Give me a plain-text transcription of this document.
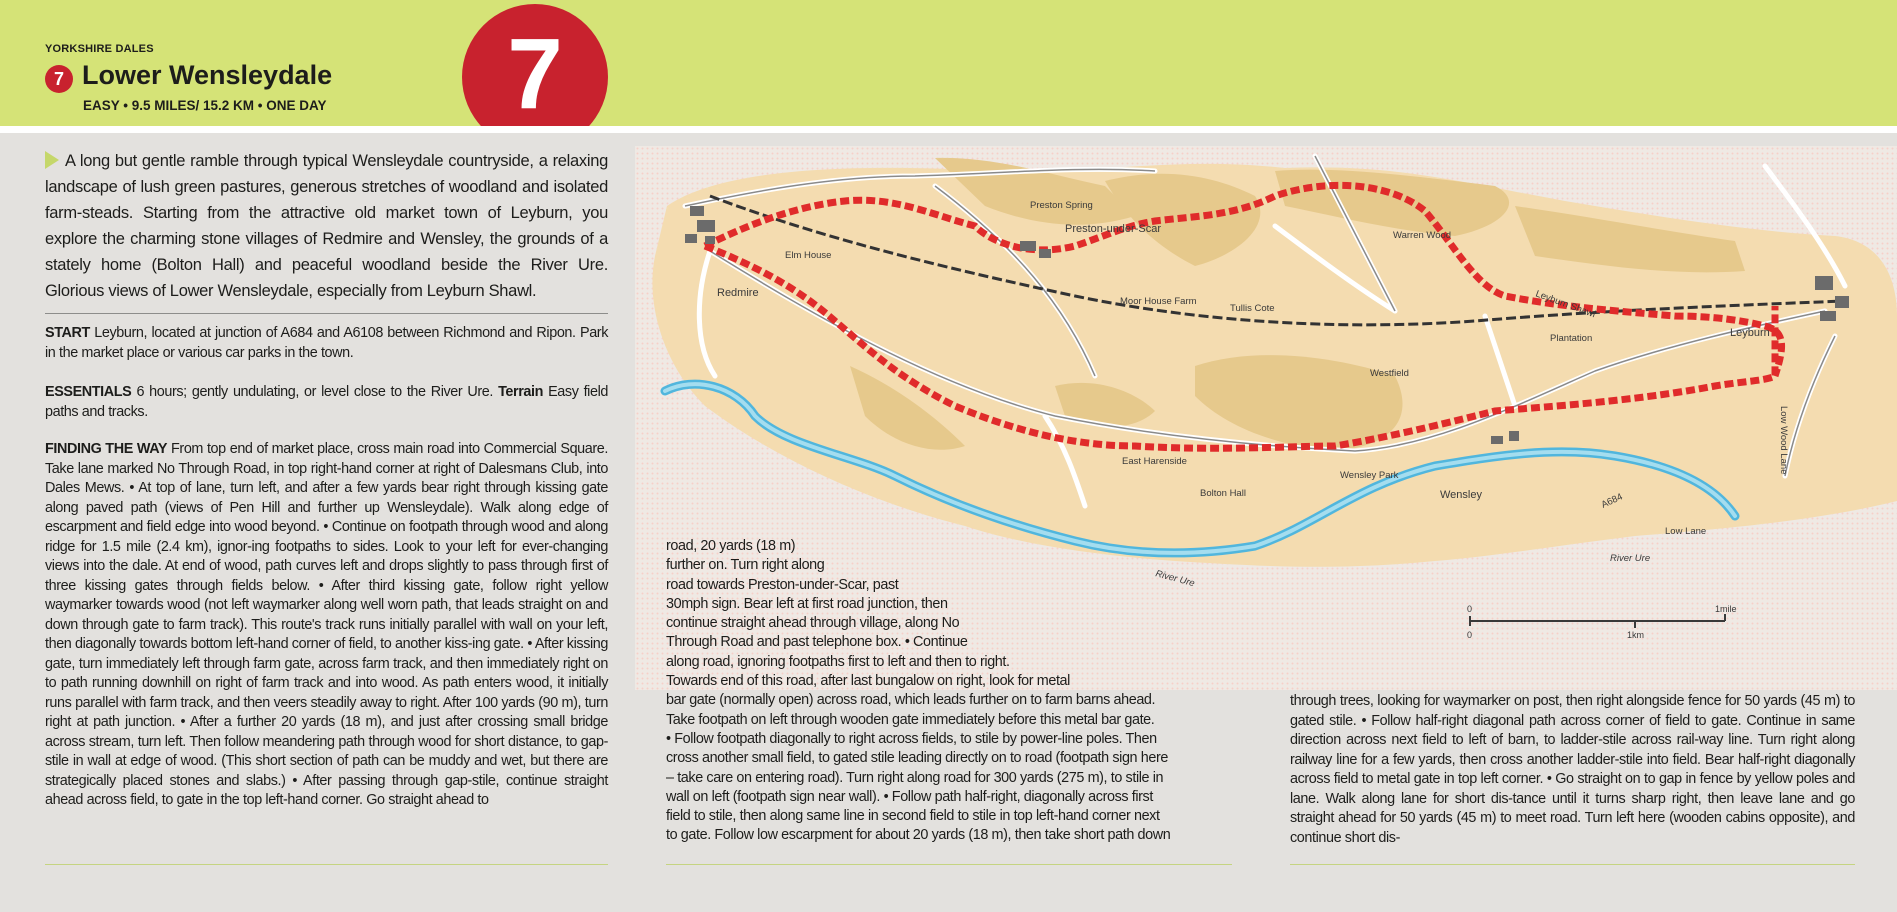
YORKSHIRE DALES
7 Lower Wensleydale
EASY • 9.5 MILES/ 15.2 KM • ONE DAY	7
A long but gentle ramble through typical Wensleydale countryside, a relaxing landscape of lush green pastures, generous stretches of woodland and isolated farm-steads. Starting from the attractive old market town of Leyburn, you explore the charming stone villages of Redmire and Wensley, the grounds of a stately home (Bolton Hall) and peaceful woodland beside the River Ure. Glorious views of Lower Wensleydale, especially from Leyburn Shawl.
START Leyburn, located at junction of A684 and A6108 between Richmond and Ripon. Park in the market place or various car parks in the town.
ESSENTIALS 6 hours; gently undulating, or level close to the River Ure. Terrain Easy field paths and tracks.
FINDING THE WAY From top end of market place, cross main road into Commercial Square. Take lane marked No Through Road, in top right-hand corner at right of Dalesmans Club, into Dales Mews. • At top of lane, turn left, and after a few yards bear right through kissing gate along paved path (views of Pen Hill and further up Wensleydale). Walk along edge of escarpment and field edge into wood beyond. • Continue on footpath through wood and along ridge for 1.5 mile (2.4 km), ignor-ing footpaths to sides. Look to your left for ever-changing views into the dale. At end of wood, path curves left and drops slightly to pass through first of three kissing gates through fields below. • After third kissing gate, follow right yellow waymarker towards wood (not left waymarker along well worn path, that leads straight on and down through gate to farm track). This route's track runs initially parallel with wall on your left, then diagonally towards bottom left-hand corner of field, to another kiss-ing gate. • After kissing gate, turn immediately left through farm gate, across farm track, and then immediately right on to path running downhill on right of farm track and into wood. As path enters wood, it initially runs parallel with farm track, and then veers steadily away to right. After 100 yards (90 m), turn right at path junction. • After a further 20 yards (18 m), and just after crossing small bridge across stream, turn left. Then follow meandering path through wood for short distance, to gap-stile in wall at edge of wood. (This short section of path can be muddy and wet, but there are strategically placed stones and slabs.) • After passing through gap-stile, continue straight ahead across field, to gate in the top left-hand corner. Go straight ahead to
Preston Spring
Preston-under-Scar
Elm House
Redmire
Moor House Farm
Tullis Cote
Warren Wood
Leyburn Shawl
Plantation	Leyburn
Westfield
East Harenside
Bolton Hall
Wensley Park
Wensley
Low Lane
River Ure
River Ure
A684
Low Wood Lane
0	1mile
0	1km
road, 20 yards (18 m)
further on. Turn right along
road towards Preston-under-Scar, past
30mph sign. Bear left at first road junction, then
continue straight ahead through village, along No
Through Road and past telephone box. • Continue
along road, ignoring footpaths first to left and then to right.
Towards end of this road, after last bungalow on right, look for metal
bar gate (normally open) across road, which leads further on to farm barns ahead.
Take footpath on left through wooden gate immediately before this metal bar gate.
• Follow footpath diagonally to right across fields, to stile by power-line poles. Then
cross another small field, to gated stile leading directly on to road (footpath sign here
– take care on entering road). Turn right along road for 300 yards (275 m), to stile in
wall on left (footpath sign near wall). • Follow path half-right, diagonally across first
field to stile, then along same line in second field to stile in top left-hand corner next
to gate. Follow low escarpment for about 20 yards (18 m), then take short path down
through trees, looking for waymarker on post, then right alongside fence for 50 yards (45 m) to gated stile. • Follow half-right diagonal path across corner of field to gate. Continue in same direction across next field to left of barn, to ladder-stile across rail-way line. Turn right along railway line for a few yards, then cross another ladder-stile into field. Bear half-right diagonally across field to metal gate in top left corner. • Go straight on to gap in fence by yellow poles and lane. Walk along lane for short dis-tance until it turns sharp right, then leave lane and go straight ahead for 50 yards (45 m) to meet road. Turn left here (wooden cabins opposite), and continue short dis-
